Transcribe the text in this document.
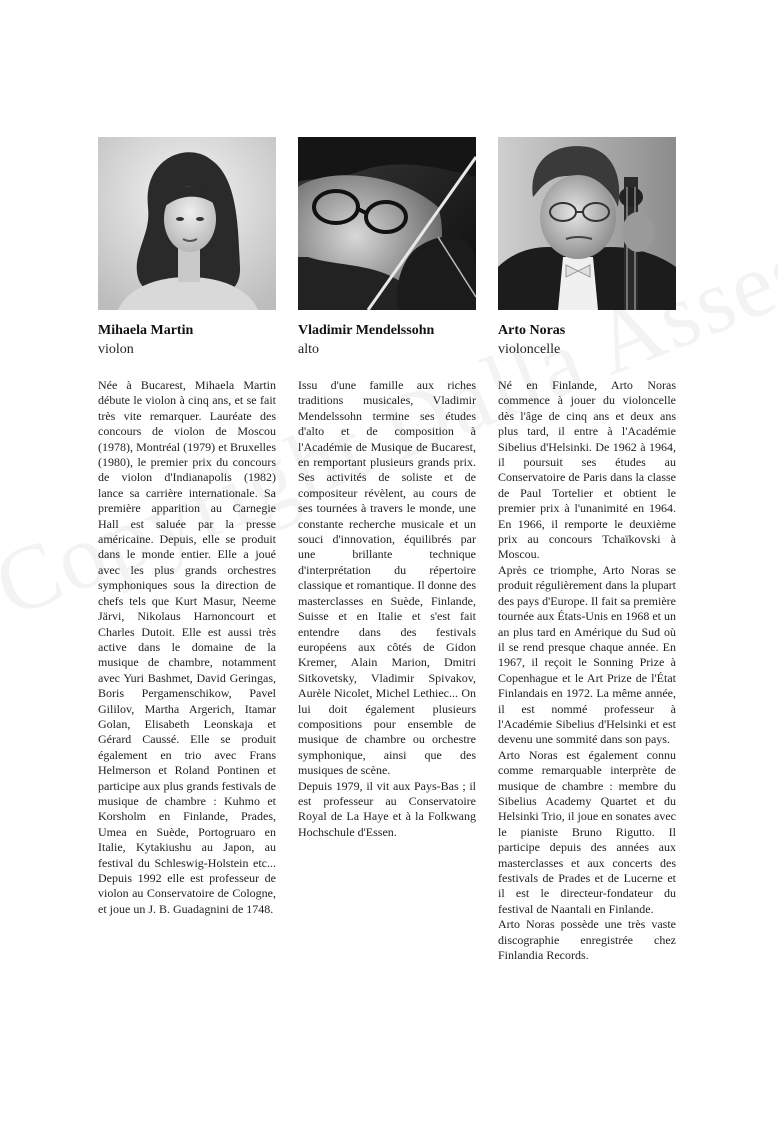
Mihaela Martin
violon

Née à Bucarest, Mihaela Martin débute le violon à cinq ans, et se fait très vite remarquer. Lauréate des concours de violon de Moscou (1978), Montréal (1979) et Bruxelles (1980), le premier prix du concours de violon d'Indianapolis (1982) lance sa carrière internationale. Sa première apparition au Carnegie Hall est saluée par la presse américaine. Depuis, elle se produit dans le monde entier. Elle a joué avec les plus grands orchestres symphoniques sous la direction de chefs tels que Kurt Masur, Neeme Järvi, Nikolaus Harnoncourt et Charles Dutoit. Elle est aussi très active dans le domaine de la musique de chambre, notamment avec Yuri Bashmet, David Geringas, Boris Pergamenschikow, Pavel Gililov, Martha Argerich, Itamar Golan, Elisabeth Leonskaja et Gérard Caussé. Elle se produit également en trio avec Frans Helmerson et Roland Pontinen et participe aux plus grands festivals de musique de chambre : Kuhmo et Korsholm en Finlande, Prades, Umea en Suède, Portogruaro en Italie, Kytakiushu au Japon, au festival du Schleswig-Holstein etc... Depuis 1992 elle est professeur de violon au Conservatoire de Cologne, et joue un J. B. Guadagnini de 1748.

Vladimir Mendelssohn
alto

Issu d'une famille aux riches traditions musicales, Vladimir Mendelssohn termine ses études d'alto et de composition à l'Académie de Musique de Bucarest, en remportant plusieurs grands prix. Ses activités de soliste et de compositeur révèlent, au cours de ses tournées à travers le monde, une constante recherche musicale et un souci d'innovation, équilibrés par une brillante technique d'interprétation du répertoire classique et romantique. Il donne des masterclasses en Suède, Finlande, Suisse et en Italie et s'est fait entendre dans des festivals européens aux côtés de Gidon Kremer, Alain Marion, Dmitri Sitkovetsky, Vladimir Spivakov, Aurèle Nicolet, Michel Lethiec... On lui doit également plusieurs compositions pour ensemble de musique de chambre ou orchestre symphonique, ainsi que des musiques de scène.

Depuis 1979, il vit aux Pays-Bas ; il est professeur au Conservatoire Royal de La Haye et à la Folkwang Hochschule d'Essen.

Arto Noras
violoncelle

Né en Finlande, Arto Noras commence à jouer du violoncelle dès l'âge de cinq ans et deux ans plus tard, il entre à l'Académie Sibelius d'Helsinki. De 1962 à 1964, il poursuit ses études au Conservatoire de Paris dans la classe de Paul Tortelier et obtient le premier prix à l'unanimité en 1964. En 1966, il remporte le deuxième prix au concours Tchaïkovski à Moscou.

Après ce triomphe, Arto Noras se produit régulièrement dans la plupart des pays d'Europe. Il fait sa première tournée aux États-Unis en 1968 et un an plus tard en Amérique du Sud où il se rend presque chaque année. En 1967, il reçoit le Sonning Prize à Copenhague et le Art Prize de l'État Finlandais en 1972. La même année, il est nommé professeur à l'Académie Sibelius d'Helsinki et est devenu une sommité dans son pays.

Arto Noras est également connu comme remarquable interprète de musique de chambre : membre du Sibelius Academy Quartet et du Helsinki Trio, il joue en sonates avec le pianiste Bruno Rigutto. Il participe depuis des années aux masterclasses et aux concerts des festivals de Prades et de Lucerne et il est le directeur-fondateur du festival de Naantali en Finlande.

Arto Noras possède une très vaste discographie enregistrée chez Finlandia Records.
